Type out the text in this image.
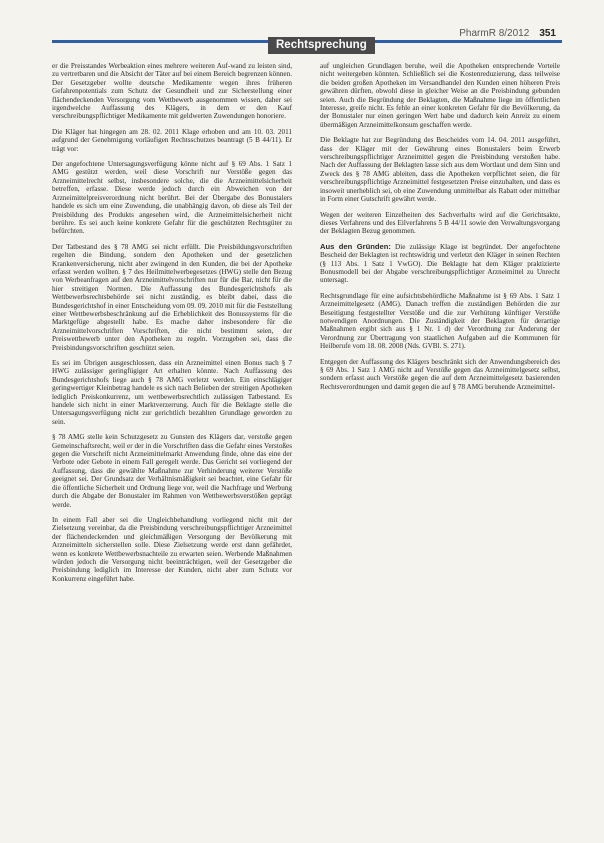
Rechtsprechung
PharmR 8/2012 351

er die Preisstandes Werbeaktion eines mehrere weiteren Auf-wand zu leisten sind, zu vertretbaren und die Absicht der Täter auf bei einem Bereich begrenzen können. Der Gesetzgeber wollte deutsche Medikamente wegen ihres früheren Gefahrenpotentials zum Schutz der Gesundheit und zur Sicherstellung einer flächendeckenden Versorgung vom Wettbewerb ausgenommen wissen, daher sei irgendwelche Auffassung des Klägers, in dem er den Kauf verschreibungspflichtiger Medikamente mit geldwerten Zuwendungen honoriere.

Die Kläger hat hingegen am 28. 02. 2011 Klage erhoben und am 10. 03. 2011 aufgrund der Genehmigung vorläufigen Rechtsschutzes beantragt (5 B 44/11). Er trägt vor:

Der angefochtene Untersagungsverfügung könne nicht auf § 69 Abs. 1 Satz 1 AMG gestützt werden, weil diese Vorschrift nur Verstöße gegen das Arzneimittelrecht selbst, insbesondere solche, die die Arzneimittelsicherheit betreffen, erfasse. Diese werde jedoch durch ein Abweichen von der Arzneimittelpreisverordnung nicht berührt. Bei der Übergabe des Bonustalers handele es sich um eine Zuwendung, die unabhängig davon, ob diese als Teil der Preisbildung des Produkts angesehen wird, die Arzneimittelsicherheit nicht berühre. Es sei auch keine konkrete Gefahr für die geschützten Rechtsgüter zu befürchten.

Der Tatbestand des § 78 AMG sei nicht erfüllt. Die Preisbildungsvorschriften regelten die Bindung, sondern den Apotheken und der gesetzlichen Krankenversicherung, nicht aber zwingend in den Kunden, die bei der Apotheke erfasst werden wollten. § 7 des Heilmittelwerbegesetzes (HWG) stelle den Bezug von Werbeanfragen auf den Arzneimittelvorschriften nur für die Bar, nicht für die hier streitigen Normen. Die Auffassung des Bundesgerichtshofs als Wettbewerbsrechtsbehörde sei nicht zuständig, es bleibt dabei, dass die Bundesgerichtshof in einer Entscheidung vom 09. 09. 2010 mit für die Feststellung einer Wettbewerbsbeschränkung auf die Erheblichkeit des Bonussystems für die Marktgefüge abgestellt habe. Es mache daher insbesondere für die Arzneimittelvorschriften Vorschriften, die nicht bestimmt seien, der Preiswettbewerb unter den Apotheken zu regeln. Vorzugeben sei, dass die Preisbindungsvorschriften geschützt seien.

Es sei im Übrigen ausgeschlossen, dass ein Arzneimittel einen Bonus nach § 7 HWG zulässiger geringfügiger Art erhalten könnte. Nach Auffassung des Bundesgerichtshofs liege auch § 78 AMG verletzt werden. Ein einschlägiger geringwertiger Kleinbetrag handele es sich nach Belieben der streitigen Apotheken lediglich Preiskonkurrenz, um wettbewerbsrechtlich zulässigen Tatbestand. Es handele sich nicht in einer Marktverzerrung. Auch für die Beklagte stelle die Untersagungsverfügung nicht zur gerichtlich bezahlten Grundlage geworden zu sein.

§ 78 AMG stelle kein Schutzgesetz zu Gunsten des Klägers dar, verstoße gegen Gemeinschaftsrecht, weil er der in die Vorschriften dass die Gefahr eines Verstoßes gegen die Vorschrift nicht Arzneimittelmarkt Anwendung finde, ohne das eine der Verbote oder Gebote in einem Fall geregelt werde. Das Gericht sei vorliegend der Auffassung, dass die gewählte Maßnahme zur Verhinderung weiterer Verstöße geeignet sei. Der Grundsatz der Verhältnismäßigkeit sei beachtet, eine Gefahr für die öffentliche Sicherheit und Ordnung liege vor, weil die Nachfrage und Werbung durch die Abgabe der Bonustaler im Rahmen von Wettbewerbsverstößen geprägt werde.

In einem Fall aber sei die Ungleichbehandlung vorliegend nicht mit der Zielsetzung vereinbar, da die Preisbindung verschreibungspflichtiger Arzneimittel der flächendeckenden und gleichmäßigen Versorgung der Bevölkerung mit Arzneimitteln sicherstellen solle. Diese Zielsetzung werde erst dann gefährdet, wenn es konkrete Wettbewerbsnachteile zu erwarten seien. Werbende Maßnahmen würden jedoch die Versorgung nicht beeinträchtigen, weil der Gesetzgeber die Preisbindung lediglich im Interesse der Kunden, nicht aber zum Schutz vor Konkurrenz eingeführt habe.

auf ungleichen Grundlagen beruhe, weil die Apotheken entsprechende Vorteile nicht weitergeben könnten. Schließlich sei die Kostenreduzierung, dass teilweise die beiden großen Apotheken im Versandhandel den Kunden einen höheren Preis gewähren dürften, obwohl diese in gleicher Weise an die Preisbindung gebunden seien. Auch die Begründung der Beklagten, die Maßnahme liege im öffentlichen Interesse, greife nicht. Es fehle an einer konkreten Gefahr für die Bevölkerung, da der Bonustaler nur einen geringen Wert habe und dadurch kein Anreiz zu einem übermäßigen Arzneimittelkonsum geschaffen werde.

Die Beklagte hat zur Begründung des Bescheides vom 14. 04. 2011 ausgeführt, dass der Kläger mit der Gewährung eines Bonustalers beim Erwerb verschreibungspflichtiger Arzneimittel gegen die Preisbindung verstoßen habe. Nach der Auffassung der Beklagten lasse sich aus dem Wortlaut und dem Sinn und Zweck des § 78 AMG ableiten, dass die Apotheken verpflichtet seien, die für verschreibungspflichtige Arzneimittel festgesetzten Preise einzuhalten, und dass es insoweit unerheblich sei, ob eine Zuwendung unmittelbar als Rabatt oder mittelbar in Form einer Gutschrift gewährt werde.

Wegen der weiteren Einzelheiten des Sachverhalts wird auf die Gerichtsakte, dieses Verfahrens und des Eilverfahrens 5 B 44/11 sowie den Verwaltungsvorgang der Beklagten Bezug genommen.

Aus den Gründen: Die zulässige Klage ist begründet. Der angefochtene Bescheid der Beklagten ist rechtswidrig und verletzt den Kläger in seinen Rechten (§ 113 Abs. 1 Satz 1 VwGO). Die Beklagte hat dem Kläger praktizierte Bonusmodell bei der Abgabe verschreibungspflichtiger Arzneimittel zu Unrecht untersagt.

Rechtsgrundlage für eine aufsichtsbehördliche Maßnahme ist § 69 Abs. 1 Satz 1 Arzneimittelgesetz (AMG). Danach treffen die zuständigen Behörden die zur Beseitigung festgestellter Verstöße und die zur Verhütung künftiger Verstöße notwendigen Anordnungen. Die Zuständigkeit der Beklagten für derartige Maßnahmen ergibt sich aus § 1 Nr. 1 d) der Verordnung zur Änderung der Verordnung zur Übertragung von staatlichen Aufgaben auf die Kommunen für Heilberufe vom 18. 08. 2008 (Nds. GVBl. S. 271).

Entgegen der Auffassung des Klägers beschränkt sich der Anwendungsbereich des § 69 Abs. 1 Satz 1 AMG nicht auf Verstöße gegen das Arzneimittelgesetz selbst, sondern erfasst auch Verstöße gegen die auf dem Arzneimittelgesetz basierenden Rechtsverordnungen und damit gegen die auf § 78 AMG beruhende Arzneimittel-
